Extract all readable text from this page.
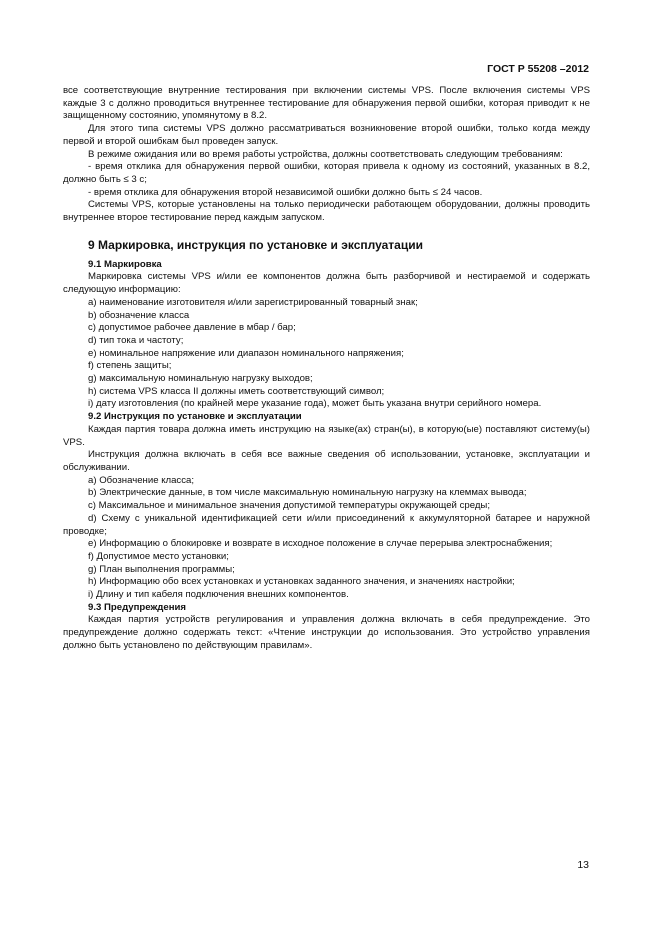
ГОСТ Р 55208 –2012

все соответствующие внутренние тестирования при включении системы VPS. После включения системы VPS каждые 3 с должно проводиться внутреннее тестирование для обнаружения первой ошибки, которая приводит к не защищенному состоянию, упомянутому в 8.2.

Для этого типа системы VPS должно рассматриваться возникновение второй ошибки, только когда между первой и второй ошибкам был проведен запуск.

В режиме ожидания или во время работы устройства, должны соответствовать следующим требованиям:

- время отклика для обнаружения первой ошибки, которая привела к одному из состояний, указанных в 8.2, должно быть ≤ 3 с;

- время отклика для обнаружения второй независимой ошибки должно быть ≤ 24 часов.

Системы VPS, которые установлены на только периодически работающем оборудовании, должны проводить внутреннее второе тестирование перед каждым запуском.

9 Маркировка, инструкция по установке и эксплуатации

9.1 Маркировка

Маркировка системы VPS и/или ее компонентов должна быть разборчивой и нестираемой и содержать следующую информацию:

a) наименование изготовителя и/или зарегистрированный товарный знак;

b) обозначение класса

c) допустимое рабочее давление в мбар / бар;

d) тип тока и частоту;

e) номинальное напряжение или диапазон номинального напряжения;

f) степень защиты;

g) максимальную номинальную нагрузку выходов;

h) система VPS класса II должны иметь соответствующий символ;

i) дату изготовления (по крайней мере указание года), может быть указана внутри серийного номера.

9.2 Инструкция по установке и эксплуатации

Каждая партия товара должна иметь инструкцию на языке(ах) стран(ы), в которую(ые) поставляют систему(ы) VPS.

Инструкция должна включать в себя все важные сведения об использовании, установке, эксплуатации и обслуживании.

a) Обозначение класса;

b) Электрические данные, в том числе максимальную номинальную нагрузку на клеммах вывода;

c) Максимальное и минимальное значения допустимой температуры окружающей среды;

d) Схему с уникальной идентификацией сети и/или присоединений к аккумуляторной батарее и наружной проводке;

e) Информацию о блокировке и возврате в исходное положение в случае перерыва электроснабжения;

f) Допустимое место установки;

g) План выполнения программы;

h) Информацию обо всех установках и установках заданного значения, и значениях настройки;

i) Длину и тип кабеля подключения внешних компонентов.

9.3 Предупреждения

Каждая партия устройств регулирования и управления должна включать в себя предупреждение. Это предупреждение должно содержать текст: «Чтение инструкции до использования. Это устройство управления должно быть установлено по действующим правилам».

13
